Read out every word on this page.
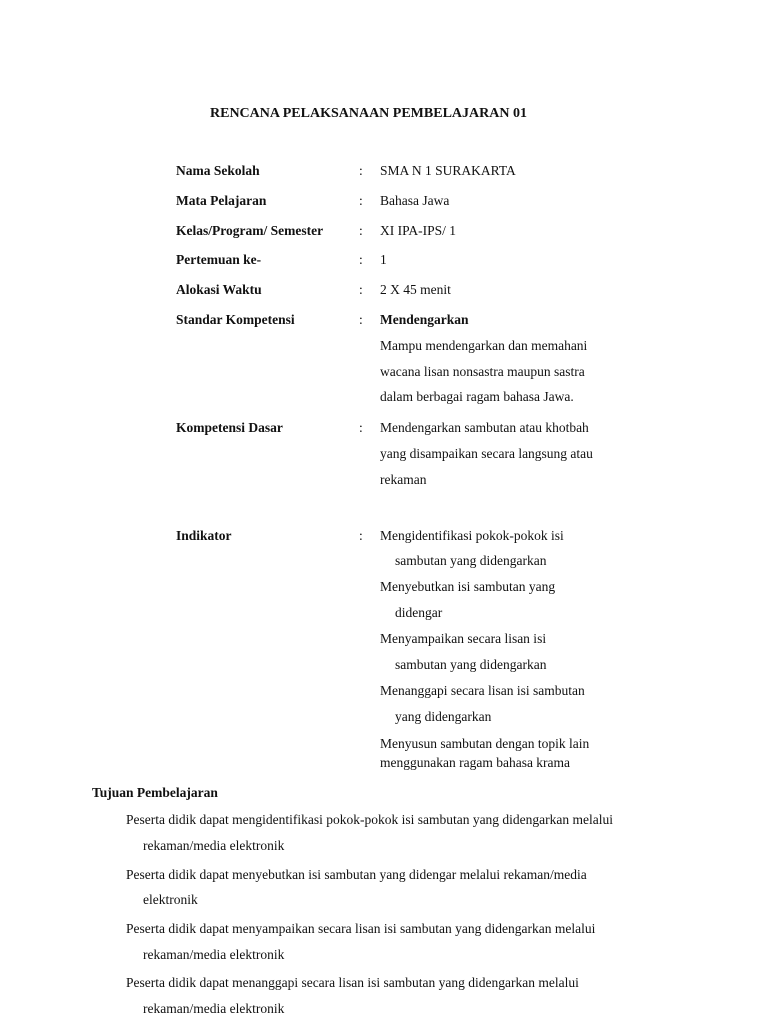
RENCANA PELAKSANAAN PEMBELAJARAN 01
Nama Sekolah	: SMA N 1 SURAKARTA
Mata Pelajaran	: Bahasa Jawa
Kelas/Program/ Semester	: XI IPA-IPS/ 1
Pertemuan ke-	: 1
Alokasi Waktu	: 2 X 45 menit
Standar Kompetensi	: Mendengarkan
Mampu mendengarkan dan memahani
wacana lisan nonsastra maupun sastra
dalam berbagai ragam bahasa Jawa.
Kompetensi Dasar	: Mendengarkan sambutan atau khotbah
yang disampaikan secara langsung atau
rekaman
Indikator	: Mengidentifikasi pokok-pokok isi
sambutan yang didengarkan
Menyebutkan isi sambutan yang
didengar
Menyampaikan secara lisan isi
sambutan yang didengarkan
Menanggapi secara lisan isi sambutan
yang didengarkan
Menyusun sambutan dengan topik lain
menggunakan ragam bahasa krama
Tujuan Pembelajaran
Peserta didik dapat mengidentifikasi pokok-pokok isi sambutan yang didengarkan melalui
rekaman/media elektronik
Peserta didik dapat menyebutkan isi sambutan yang didengar melalui rekaman/media
elektronik
Peserta didik dapat menyampaikan secara lisan isi sambutan yang didengarkan melalui
rekaman/media elektronik
Peserta didik dapat menanggapi secara lisan isi sambutan yang didengarkan melalui
rekaman/media elektronik
